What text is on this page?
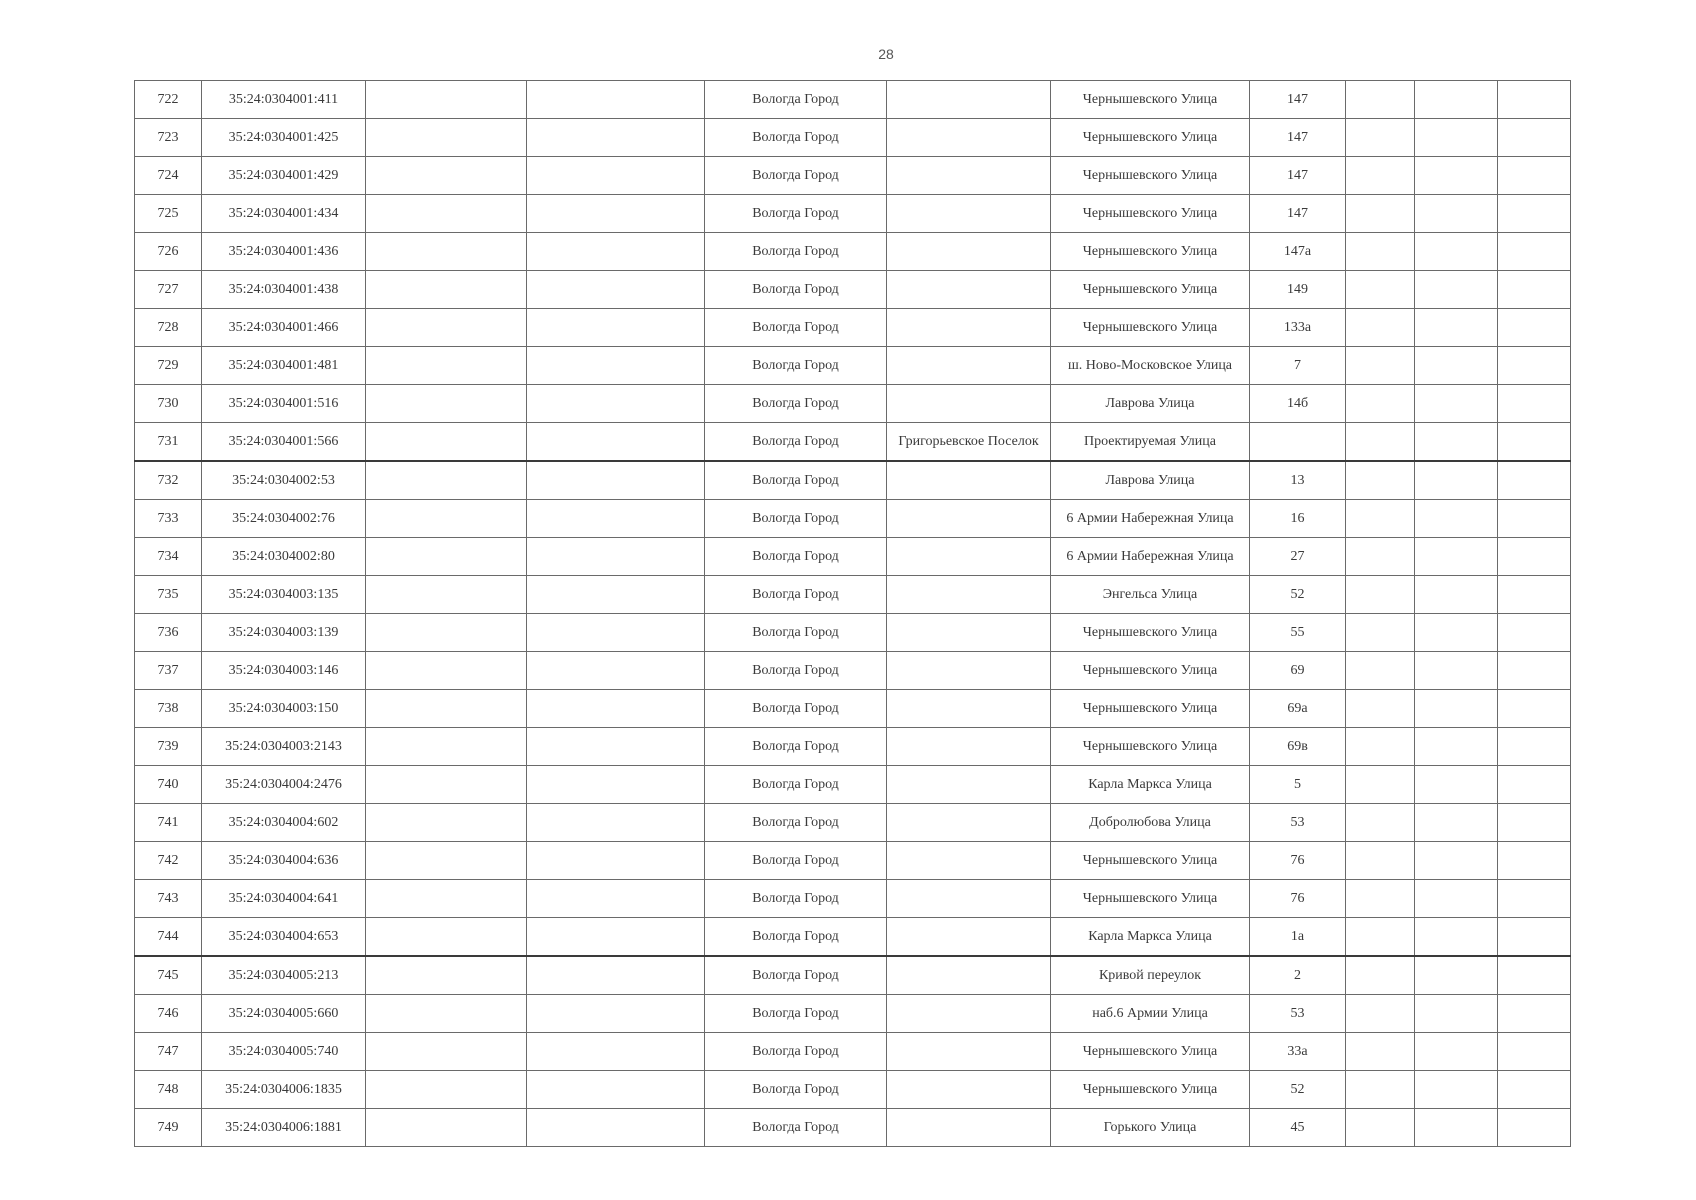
28
722	35:24:0304001:411			Вологда Город		Чернышевского Улица	147			
723	35:24:0304001:425			Вологда Город		Чернышевского Улица	147			
724	35:24:0304001:429			Вологда Город		Чернышевского Улица	147			
725	35:24:0304001:434			Вологда Город		Чернышевского Улица	147			
726	35:24:0304001:436			Вологда Город		Чернышевского Улица	147а			
727	35:24:0304001:438			Вологда Город		Чернышевского Улица	149			
728	35:24:0304001:466			Вологда Город		Чернышевского Улица	133а			
729	35:24:0304001:481			Вологда Город		ш. Ново-Московское Улица	7			
730	35:24:0304001:516			Вологда Город		Лаврова Улица	14б			
731	35:24:0304001:566			Вологда Город	Григорьевское Поселок	Проектируемая Улица				
732	35:24:0304002:53			Вологда Город		Лаврова Улица	13			
733	35:24:0304002:76			Вологда Город		6 Армии Набережная Улица	16			
734	35:24:0304002:80			Вологда Город		6 Армии Набережная Улица	27			
735	35:24:0304003:135			Вологда Город		Энгельса Улица	52			
736	35:24:0304003:139			Вологда Город		Чернышевского Улица	55			
737	35:24:0304003:146			Вологда Город		Чернышевского Улица	69			
738	35:24:0304003:150			Вологда Город		Чернышевского Улица	69а			
739	35:24:0304003:2143			Вологда Город		Чернышевского Улица	69в			
740	35:24:0304004:2476			Вологда Город		Карла Маркса Улица	5			
741	35:24:0304004:602			Вологда Город		Добролюбова Улица	53			
742	35:24:0304004:636			Вологда Город		Чернышевского Улица	76			
743	35:24:0304004:641			Вологда Город		Чернышевского Улица	76			
744	35:24:0304004:653			Вологда Город		Карла Маркса Улица	1а			
745	35:24:0304005:213			Вологда Город		Кривой переулок	2			
746	35:24:0304005:660			Вологда Город		наб.6 Армии Улица	53			
747	35:24:0304005:740			Вологда Город		Чернышевского Улица	33а			
748	35:24:0304006:1835			Вологда Город		Чернышевского Улица	52			
749	35:24:0304006:1881			Вологда Город		Горького Улица	45			
